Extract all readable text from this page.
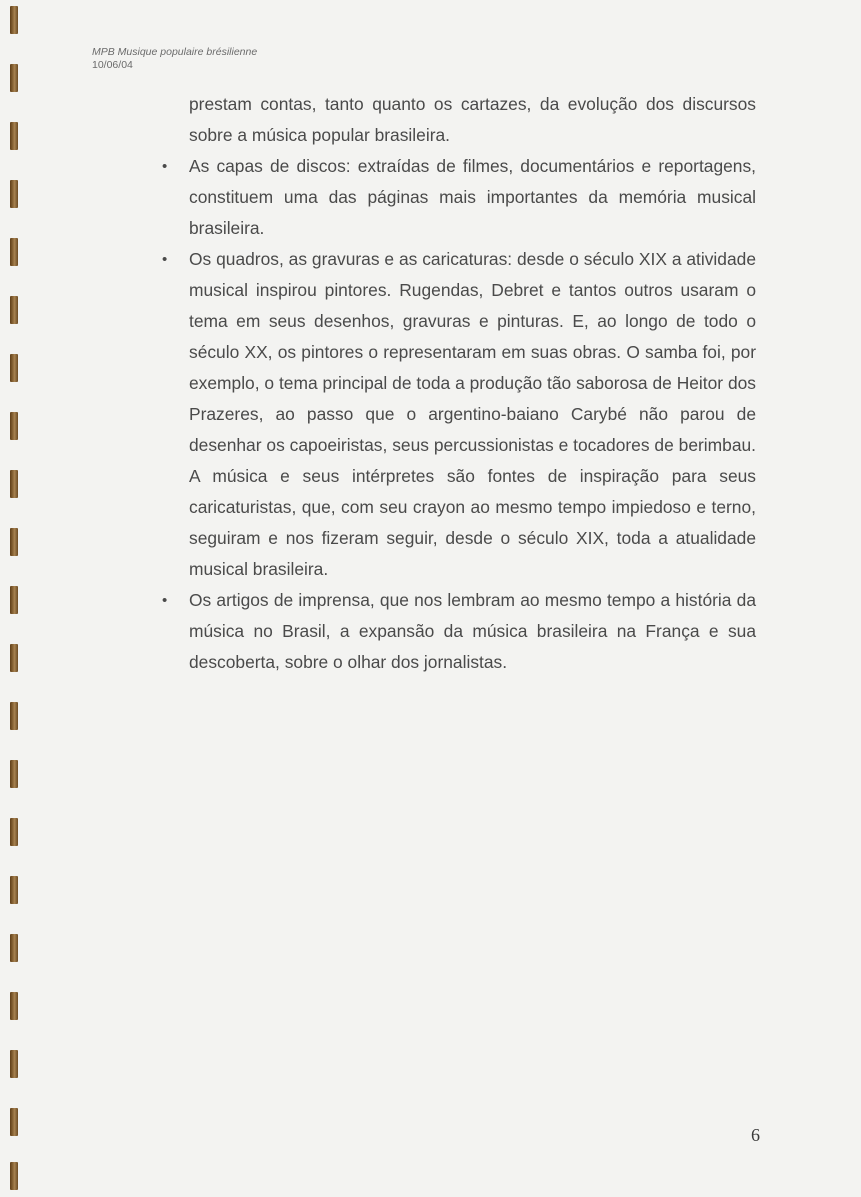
MPB Musique populaire brésilienne
10/06/04

prestam contas, tanto quanto os cartazes, da evolução dos discursos sobre a música popular brasileira.

• As capas de discos: extraídas de filmes, documentários e reportagens, constituem uma das páginas mais importantes da memória musical brasileira.
• Os quadros, as gravuras e as caricaturas: desde o século XIX a atividade musical inspirou pintores. Rugendas, Debret e tantos outros usaram o tema em seus desenhos, gravuras e pinturas. E, ao longo de todo o século XX, os pintores o representaram em suas obras. O samba foi, por exemplo, o tema principal de toda a produção tão saborosa de Heitor dos Prazeres, ao passo que o argentino-baiano Carybé não parou de desenhar os capoeiristas, seus percussionistas e tocadores de berimbau. A música e seus intérpretes são fontes de inspiração para seus caricaturistas, que, com seu crayon ao mesmo tempo impiedoso e terno, seguiram e nos fizeram seguir, desde o século XIX, toda a atualidade musical brasileira.
• Os artigos de imprensa, que nos lembram ao mesmo tempo a história da música no Brasil, a expansão da música brasileira na França e sua descoberta, sobre o olhar dos jornalistas.
6
